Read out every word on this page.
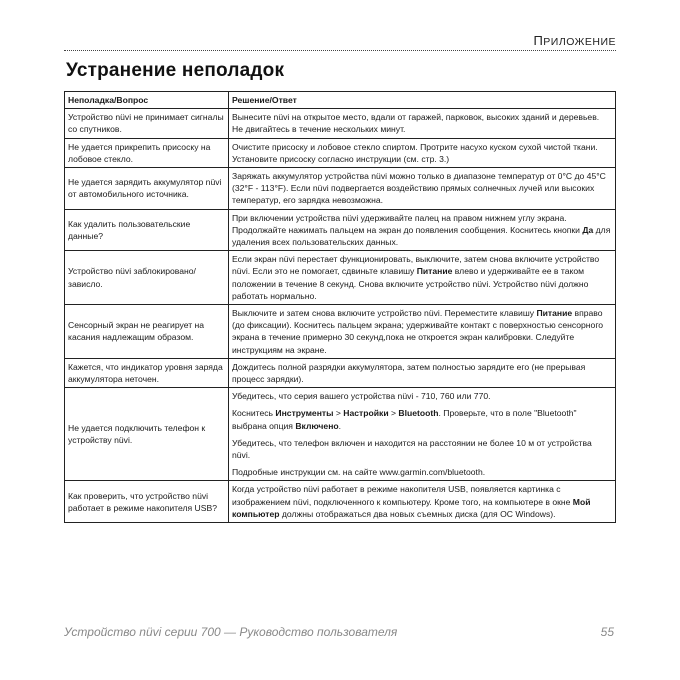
ПРИЛОЖЕНИЕ
Устранение неполадок
Неполадка/Вопрос	Решение/Ответ
Устройство nüvi не принимает сигналы со спутников.	Вынесите nüvi на открытое место, вдали от гаражей, парковок, высоких зданий и деревьев. Не двигайтесь в течение нескольких минут.

Не удается прикрепить присоску на лобовое стекло.	Очистите присоску и лобовое стекло спиртом. Протрите насухо куском сухой чистой ткани. Установите присоску согласно инструкции (см. стр. 3.)

Не удается зарядить аккумулятор nüvi от автомобильного источника.	Заряжать аккумулятор устройства nüvi можно только в диапазоне температур от 0°C до 45°C (32°F - 113°F). Если nüvi подвергается воздействию прямых солнечных лучей или высоких температур, его зарядка невозможна.

Как удалить пользовательские данные?	При включении устройства nüvi удерживайте палец на правом нижнем углу экрана. Продолжайте нажимать пальцем на экран до появления сообщения. Коснитесь кнопки Да для удаления всех пользовательских данных.

Устройство nüvi заблокировано/зависло.	Если экран nüvi перестает функционировать, выключите, затем снова включите устройство nüvi. Если это не помогает, сдвиньте клавишу Питание влево и удерживайте ее в таком положении в течение 8 секунд. Снова включите устройство nüvi. Устройство nüvi должно работать нормально.

Сенсорный экран не реагирует на касания надлежащим образом.	Выключите и затем снова включите устройство nüvi. Переместите клавишу Питание вправо (до фиксации). Коснитесь пальцем экрана; удерживайте контакт с поверхностью сенсорного экрана в течение примерно 30 секунд,пока не откроется экран калибровки. Следуйте инструкциям на экране.

Кажется, что индикатор уровня заряда аккумулятора неточен.	Дождитесь полной разрядки аккумулятора, затем полностью зарядите его (не прерывая процесс зарядки).

Не удается подключить телефон к устройству nüvi.	Убедитесь, что серия вашего устройства nüvi - 710, 760 или 770.

Коснитесь Инструменты > Настройки > Bluetooth. Проверьте, что в поле "Bluetooth" выбрана опция Включено.

Убедитесь, что телефон включен и находится на расстоянии не более 10 м от устройства nüvi.

Подробные инструкции см. на сайте www.garmin.com/bluetooth.

Как проверить, что устройство nüvi работает в режиме накопителя USB?	Когда устройство nüvi работает в режиме накопителя USB, появляется картинка с изображением nüvi, подключенного к компьютеру. Кроме того, на компьютере в окне Мой компьютер должны отображаться два новых съемных диска (для ОС Windows).

Устройство nüvi серии 700 — Руководство пользователя	55
